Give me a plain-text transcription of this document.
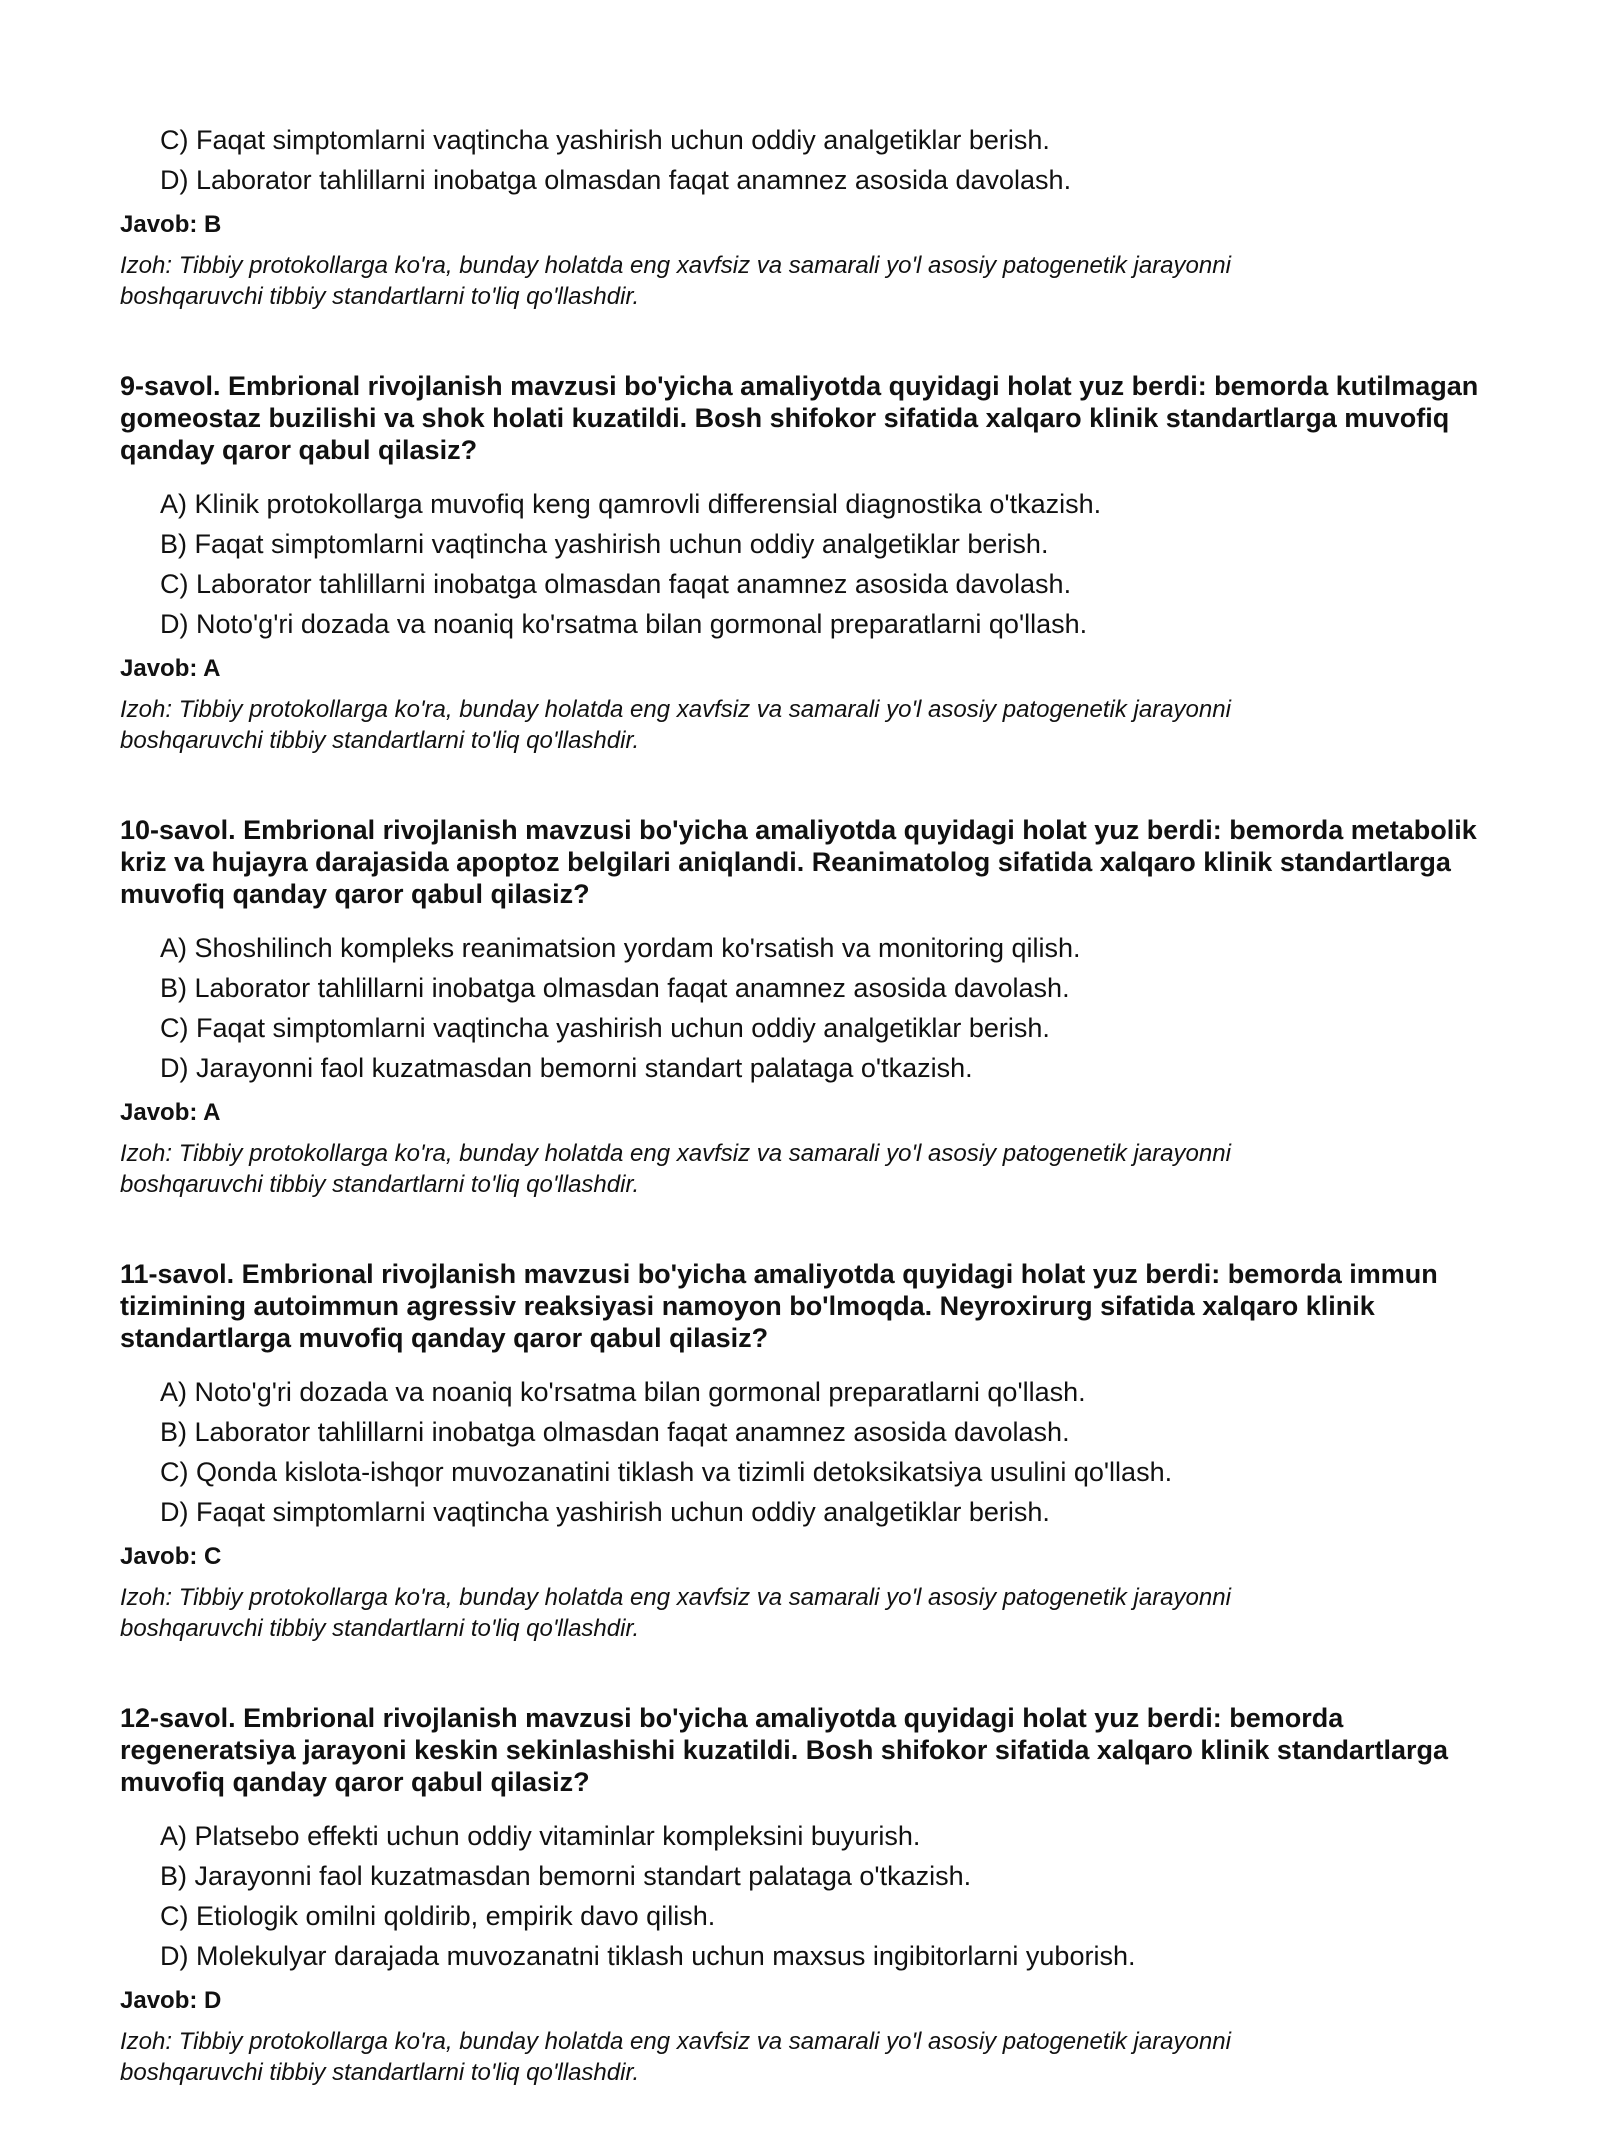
C) Faqat simptomlarni vaqtincha yashirish uchun oddiy analgetiklar berish.
D) Laborator tahlillarni inobatga olmasdan faqat anamnez asosida davolash.

Javob: B

Izoh: Tibbiy protokollarga ko'ra, bunday holatda eng xavfsiz va samarali yo'l asosiy patogenetik jarayonni boshqaruvchi tibbiy standartlarni to'liq qo'llashdir.

9-savol. Embrional rivojlanish mavzusi bo'yicha amaliyotda quyidagi holat yuz berdi: bemorda kutilmagan gomeostaz buzilishi va shok holati kuzatildi. Bosh shifokor sifatida xalqaro klinik standartlarga muvofiq qanday qaror qabul qilasiz?

A) Klinik protokollarga muvofiq keng qamrovli differensial diagnostika o'tkazish.
B) Faqat simptomlarni vaqtincha yashirish uchun oddiy analgetiklar berish.
C) Laborator tahlillarni inobatga olmasdan faqat anamnez asosida davolash.
D) Noto'g'ri dozada va noaniq ko'rsatma bilan gormonal preparatlarni qo'llash.

Javob: A

Izoh: Tibbiy protokollarga ko'ra, bunday holatda eng xavfsiz va samarali yo'l asosiy patogenetik jarayonni boshqaruvchi tibbiy standartlarni to'liq qo'llashdir.

10-savol. Embrional rivojlanish mavzusi bo'yicha amaliyotda quyidagi holat yuz berdi: bemorda metabolik kriz va hujayra darajasida apoptoz belgilari aniqlandi. Reanimatolog sifatida xalqaro klinik standartlarga muvofiq qanday qaror qabul qilasiz?

A) Shoshilinch kompleks reanimatsion yordam ko'rsatish va monitoring qilish.
B) Laborator tahlillarni inobatga olmasdan faqat anamnez asosida davolash.
C) Faqat simptomlarni vaqtincha yashirish uchun oddiy analgetiklar berish.
D) Jarayonni faol kuzatmasdan bemorni standart palataga o'tkazish.

Javob: A

Izoh: Tibbiy protokollarga ko'ra, bunday holatda eng xavfsiz va samarali yo'l asosiy patogenetik jarayonni boshqaruvchi tibbiy standartlarni to'liq qo'llashdir.

11-savol. Embrional rivojlanish mavzusi bo'yicha amaliyotda quyidagi holat yuz berdi: bemorda immun tizimining autoimmun agressiv reaksiyasi namoyon bo'lmoqda. Neyroxirurg sifatida xalqaro klinik standartlarga muvofiq qanday qaror qabul qilasiz?

A) Noto'g'ri dozada va noaniq ko'rsatma bilan gormonal preparatlarni qo'llash.
B) Laborator tahlillarni inobatga olmasdan faqat anamnez asosida davolash.
C) Qonda kislota-ishqor muvozanatini tiklash va tizimli detoksikatsiya usulini qo'llash.
D) Faqat simptomlarni vaqtincha yashirish uchun oddiy analgetiklar berish.

Javob: C

Izoh: Tibbiy protokollarga ko'ra, bunday holatda eng xavfsiz va samarali yo'l asosiy patogenetik jarayonni boshqaruvchi tibbiy standartlarni to'liq qo'llashdir.

12-savol. Embrional rivojlanish mavzusi bo'yicha amaliyotda quyidagi holat yuz berdi: bemorda regeneratsiya jarayoni keskin sekinlashishi kuzatildi. Bosh shifokor sifatida xalqaro klinik standartlarga muvofiq qanday qaror qabul qilasiz?

A) Platsebo effekti uchun oddiy vitaminlar kompleksini buyurish.
B) Jarayonni faol kuzatmasdan bemorni standart palataga o'tkazish.
C) Etiologik omilni qoldirib, empirik davo qilish.
D) Molekulyar darajada muvozanatni tiklash uchun maxsus ingibitorlarni yuborish.

Javob: D

Izoh: Tibbiy protokollarga ko'ra, bunday holatda eng xavfsiz va samarali yo'l asosiy patogenetik jarayonni boshqaruvchi tibbiy standartlarni to'liq qo'llashdir.
